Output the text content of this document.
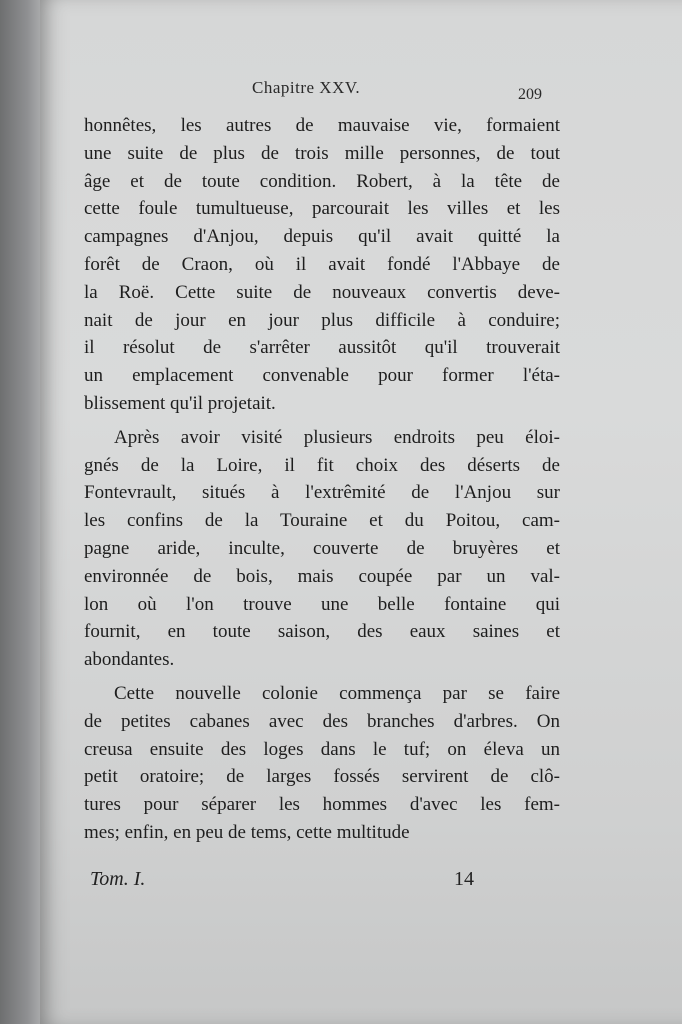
Chapitre XXV.	209
honnêtes, les autres de mauvaise vie, formaient
une suite de plus de trois mille personnes, de tout
âge et de toute condition. Robert, à la tête de
cette foule tumultueuse, parcourait les villes et les
campagnes d'Anjou, depuis qu'il avait quitté la
forêt de Craon, où il avait fondé l'Abbaye de
la Roë. Cette suite de nouveaux convertis deve-
nait de jour en jour plus difficile à conduire;
il résolut de s'arrêter aussitôt qu'il trouverait
un emplacement convenable pour former l'éta-
blissement qu'il projetait.
Après avoir visité plusieurs endroits peu éloi-
gnés de la Loire, il fit choix des déserts de
Fontevrault, situés à l'extrêmité de l'Anjou sur
les confins de la Touraine et du Poitou, cam-
pagne aride, inculte, couverte de bruyères et
environnée de bois, mais coupée par un val-
lon où l'on trouve une belle fontaine qui
fournit, en toute saison, des eaux saines et
abondantes.
Cette nouvelle colonie commença par se faire
de petites cabanes avec des branches d'arbres. On
creusa ensuite des loges dans le tuf; on éleva un
petit oratoire; de larges fossés servirent de clô-
tures pour séparer les hommes d'avec les fem-
mes; enfin, en peu de tems, cette multitude
Tom. I.	14
